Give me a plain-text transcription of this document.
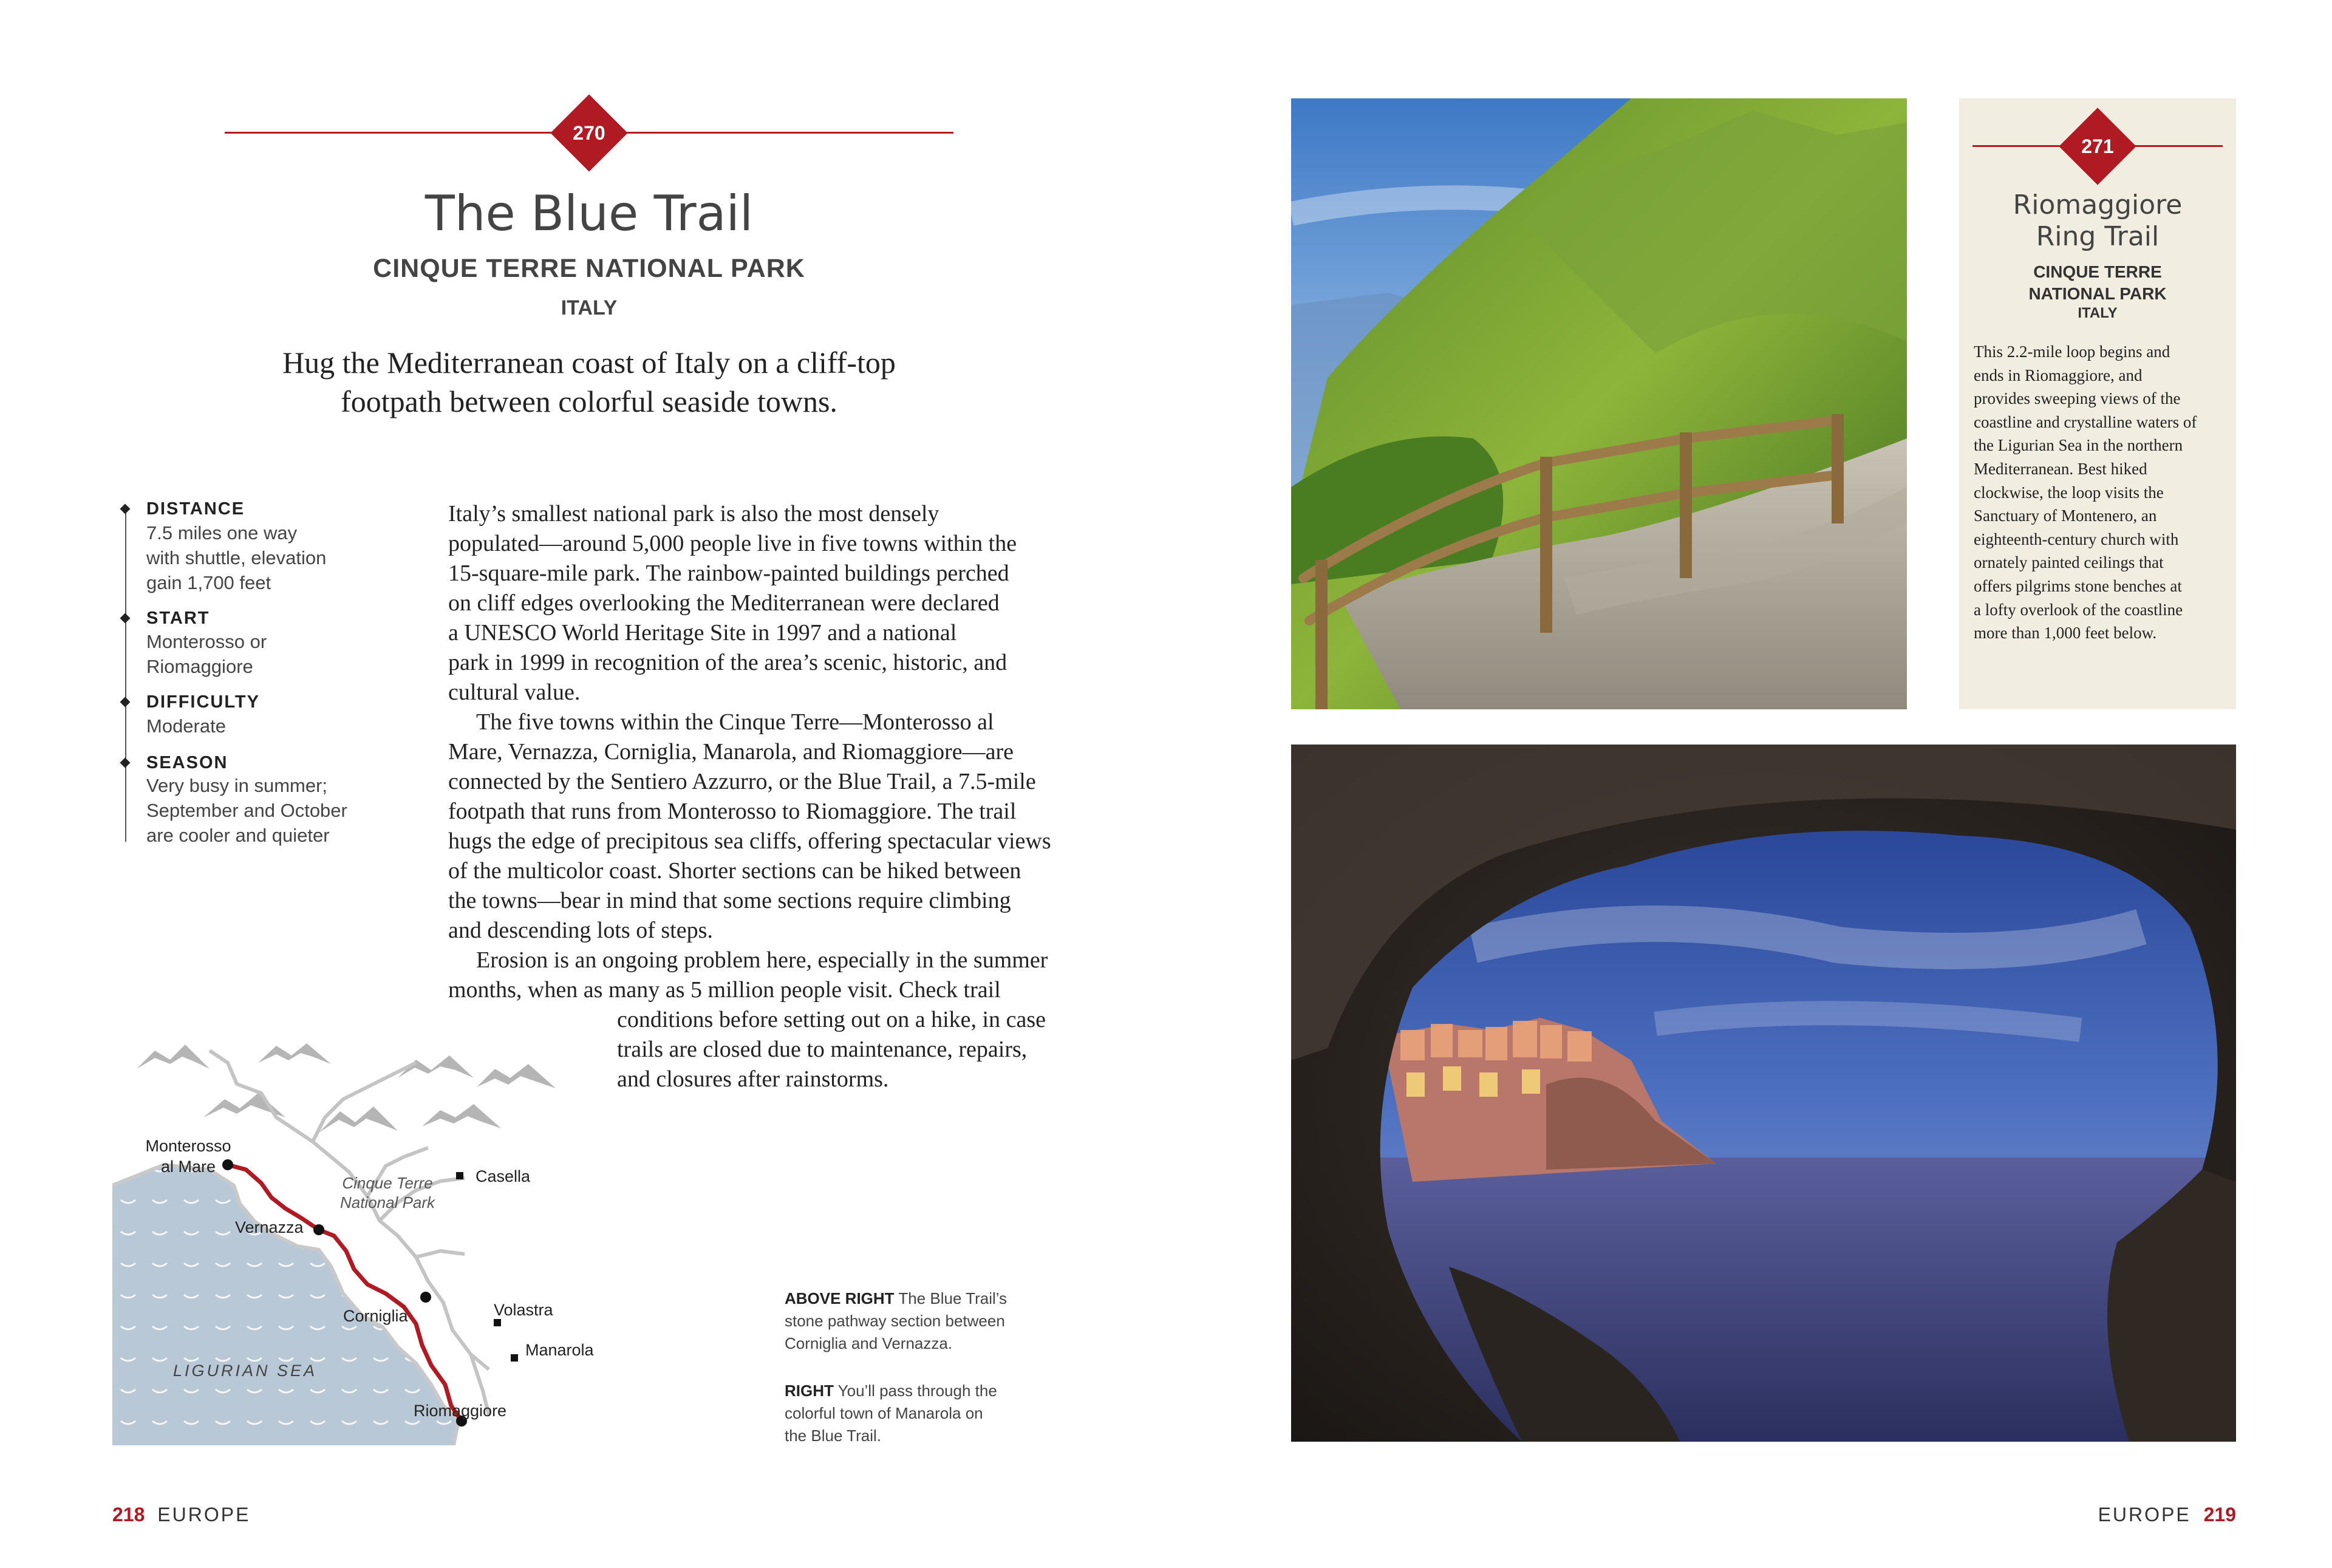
270
The Blue Trail
CINQUE TERRE NATIONAL PARK
ITALY
Hug the Mediterranean coast of Italy on a cliff-top
footpath between colorful seaside towns.
DISTANCE
7.5 miles one way
with shuttle, elevation
gain 1,700 feet
START
Monterosso or
Riomaggiore
DIFFICULTY
Moderate
SEASON
Very busy in summer;
September and October
are cooler and quieter

Italy’s smallest national park is also the most densely

populated—around 5,000 people live in five towns within the

15-square-mile park. The rainbow-painted buildings perched

on cliff edges overlooking the Mediterranean were declared

a UNESCO World Heritage Site in 1997 and a national

park in 1999 in recognition of the area’s scenic, historic, and

cultural value.

The five towns within the Cinque Terre—Monterosso al

Mare, Vernazza, Corniglia, Manarola, and Riomaggiore—are

connected by the Sentiero Azzurro, or the Blue Trail, a 7.5-mile

footpath that runs from Monterosso to Riomaggiore. The trail

hugs the edge of precipitous sea cliffs, offering spectacular views

of the multicolor coast. Shorter sections can be hiked between

the towns—bear in mind that some sections require climbing

and descending lots of steps.

Erosion is an ongoing problem here, especially in the summer

months, when as many as 5 million people visit. Check trail

conditions before setting out on a hike, in case

trails are closed due to maintenance, repairs,

and closures after rainstorms.

Monterosso
al Mare
Cinque Terre
National Park
Casella
Vernazza
Corniglia	Volastra
Manarola
LIGURIAN SEA
Riomaggiore
ABOVE RIGHT The Blue Trail’s
stone pathway section between
Corniglia and Vernazza.
RIGHT You’ll pass through the
colorful town of Manarola on
the Blue Trail.
218 EUROPE
271
Riomaggiore
Ring Trail
CINQUE TERRE
NATIONAL PARK
ITALY
This 2.2-mile loop begins and
ends in Riomaggiore, and
provides sweeping views of the
coastline and crystalline waters of
the Ligurian Sea in the northern
Mediterranean. Best hiked
clockwise, the loop visits the
Sanctuary of Montenero, an
eighteenth-century church with
ornately painted ceilings that
offers pilgrims stone benches at
a lofty overlook of the coastline
more than 1,000 feet below.
EUROPE 219
